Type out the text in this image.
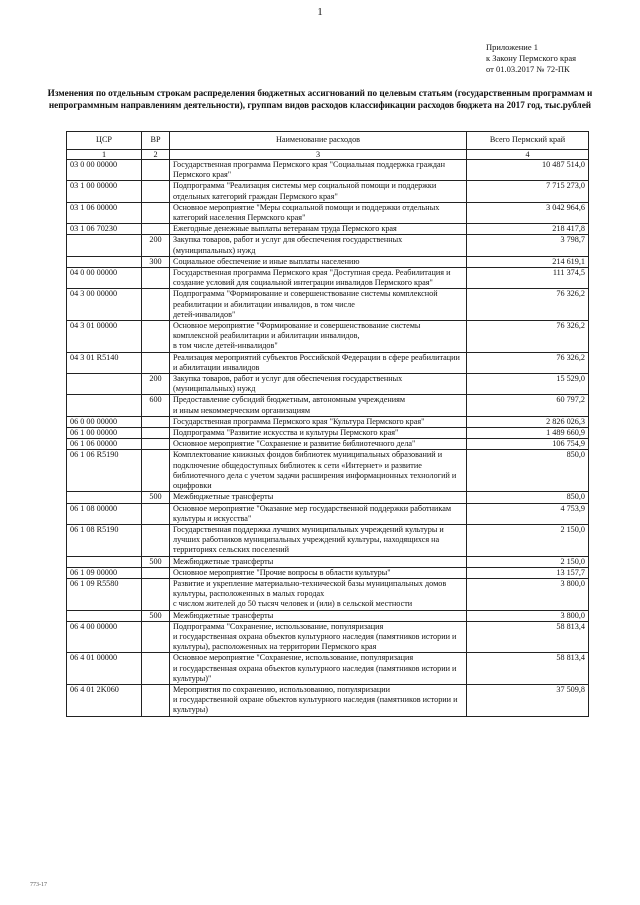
1
Приложение 1
к Закону Пермского края
от 01.03.2017 № 72-ПК
Изменения по отдельным строкам распределения бюджетных ассигнований по целевым статьям (государственным программам и непрограммным направлениям деятельности), группам видов расходов классификации расходов бюджета на 2017 год, тыс.рублей
ЦСР	ВР	Наименование расходов	Всего Пермский край
1	2	3	4
03 0 00 00000		Государственная программа Пермского края "Социальная поддержка граждан Пермского края"	10 487 514,0
03 1 00 00000		Подпрограмма "Реализация системы мер социальной помощи и поддержки отдельных категорий граждан Пермского края"	7 715 273,0
03 1 06 00000		Основное мероприятие "Меры социальной помощи и поддержки отдельных категорий населения Пермского края"	3 042 964,6
03 1 06 70230		Ежегодные денежные выплаты ветеранам труда Пермского края	218 417,8
	200	Закупка товаров, работ и услуг для обеспечения государственных (муниципальных) нужд	3 798,7
	300	Социальное обеспечение и иные выплаты населению	214 619,1
04 0 00 00000		Государственная программа Пермского края "Доступная среда. Реабилитация и создание условий для социальной интеграции инвалидов Пермского края"	111 374,5
04 3 00 00000		Подпрограмма "Формирование и совершенствование системы комплексной реабилитации и абилитации инвалидов, в том числе
детей-инвалидов"	76 326,2
04 3 01 00000		Основное мероприятие "Формирование и совершенствование системы комплексной реабилитации и абилитации инвалидов,
в том числе детей-инвалидов"	76 326,2
04 3 01 R5140		Реализация мероприятий субъектов Российской Федерации в сфере реабилитации и абилитации инвалидов	76 326,2
	200	Закупка товаров, работ и услуг для обеспечения государственных (муниципальных) нужд	15 529,0
	600	Предоставление субсидий бюджетным, автономным учреждениям
и иным некоммерческим организациям	60 797,2
06 0 00 00000		Государственная программа Пермского края "Культура Пермского края"	2 826 026,3
06 1 00 00000		Подпрограмма "Развитие искусства и культуры Пермского края"	1 489 660,9
06 1 06 00000		Основное мероприятие "Сохранение и развитие библиотечного дела"	106 754,9
06 1 06 R5190		Комплектование книжных фондов библиотек муниципальных образований и подключение общедоступных библиотек к сети «Интернет» и развитие библиотечного дела с учетом задачи расширения информационных технологий и оцифровки	850,0
	500	Межбюджетные трансферты	850,0
06 1 08 00000		Основное мероприятие "Оказание мер государственной поддержки работникам культуры и искусства"	4 753,9
06 1 08 R5190		Государственная поддержка лучших муниципальных учреждений культуры и лучших работников муниципальных учреждений культуры, находящихся на территориях сельских поселений	2 150,0
	500	Межбюджетные трансферты	2 150,0
06 1 09 00000		Основное мероприятие "Прочие вопросы в области культуры"	13 157,7
06 1 09 R5580		Развитие и укрепление материально-технической базы муниципальных домов культуры, расположенных в малых городах
с числом жителей до 50 тысяч человек и (или) в сельской местности	3 800,0
	500	Межбюджетные трансферты	3 800,0
06 4 00 00000		Подпрограмма "Сохранение, использование, популяризация
и государственная охрана объектов культурного наследия (памятников истории и культуры), расположенных на территории Пермского края	58 813,4
06 4 01 00000		Основное мероприятие "Сохранение, использование, популяризация
и государственная охрана объектов культурного наследия (памятников истории и культуры)"	58 813,4
06 4 01 2K060		Мероприятия по сохранению, использованию, популяризации
и государственной охране объектов культурного наследия (памятников истории и культуры)	37 509,8
773-17
